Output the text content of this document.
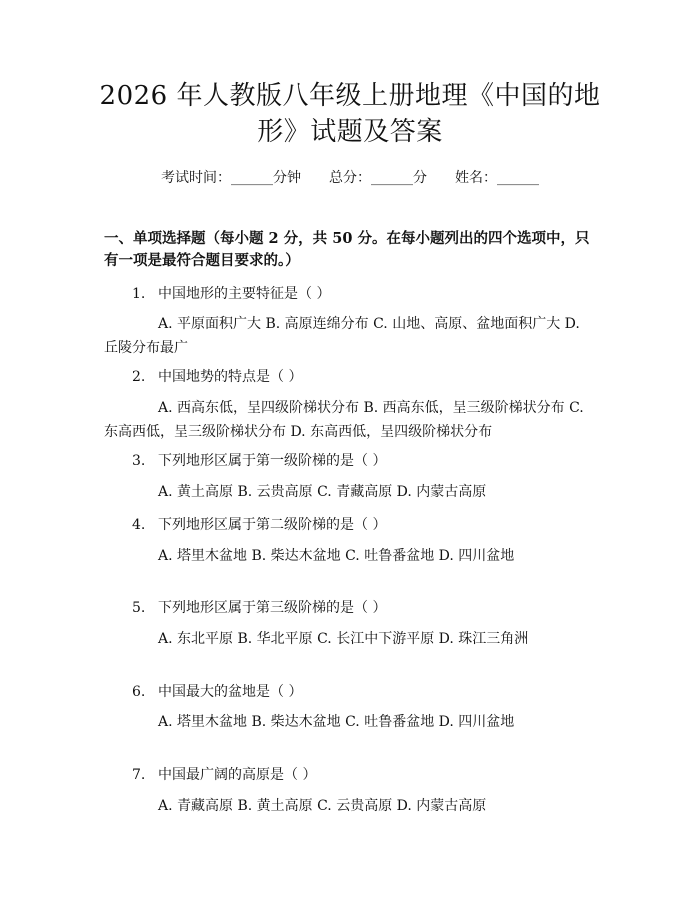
2026 年人教版八年级上册地理《中国的地
形》试题及答案
考试时间：______分钟 总分：______分 姓名：______
一、单项选择题（每小题 2 分，共 50 分。在每小题列出的四个选项中，只有一项是最符合题目要求的。）
1. 中国地形的主要特征是（ ）
A. 平原面积广大 B. 高原连绵分布 C. 山地、高原、盆地面积广大 D. 丘陵分布最广
2. 中国地势的特点是（ ）
A. 西高东低，呈四级阶梯状分布 B. 西高东低，呈三级阶梯状分布 C. 东高西低，呈三级阶梯状分布 D. 东高西低，呈四级阶梯状分布
3. 下列地形区属于第一级阶梯的是（ ）
A. 黄土高原 B. 云贵高原 C. 青藏高原 D. 内蒙古高原
4. 下列地形区属于第二级阶梯的是（ ）
A. 塔里木盆地 B. 柴达木盆地 C. 吐鲁番盆地 D. 四川盆地
5. 下列地形区属于第三级阶梯的是（ ）
A. 东北平原 B. 华北平原 C. 长江中下游平原 D. 珠江三角洲
6. 中国最大的盆地是（ ）
A. 塔里木盆地 B. 柴达木盆地 C. 吐鲁番盆地 D. 四川盆地
7. 中国最广阔的高原是（ ）
A. 青藏高原 B. 黄土高原 C. 云贵高原 D. 内蒙古高原
